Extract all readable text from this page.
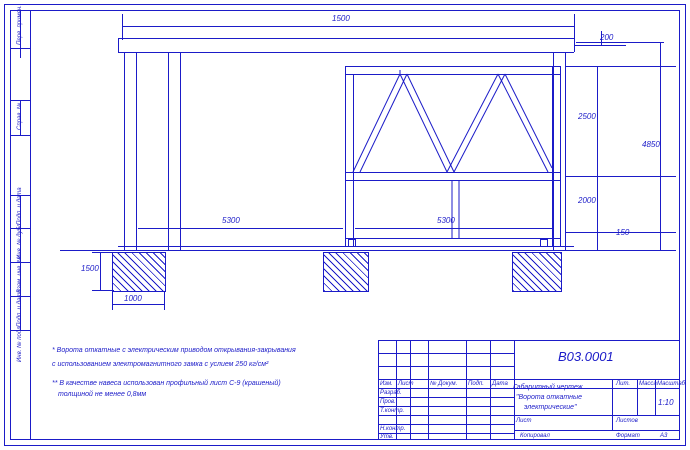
Перв. примен.
Справ. №
Подп. и дата
Инв. № дубл.
Взам. инв. №
Подп. и дата
Инв. № подл.
1500
200
2500
2000
150
4850
5300	5300
1500
1000
* Ворота откатные с электрическим приводом открывания-закрывания
с использованием электромагнитного замка с услием 250 кг/см²
** В качестве навеса использован профильный лист С-9 (крашеный)
толщиной не менее 0,8мм
Изм. Лист	№ Докум. Подп. Дата
Разраб.
Пров.
Т.контр.
Н.контр.
Утв.
В03.0001
Габаритный чертеж
"Ворота откатные
электрические"
Лит. Масса Масштаб
1:10
Лист	Листов
Копировал	Формат	А3
